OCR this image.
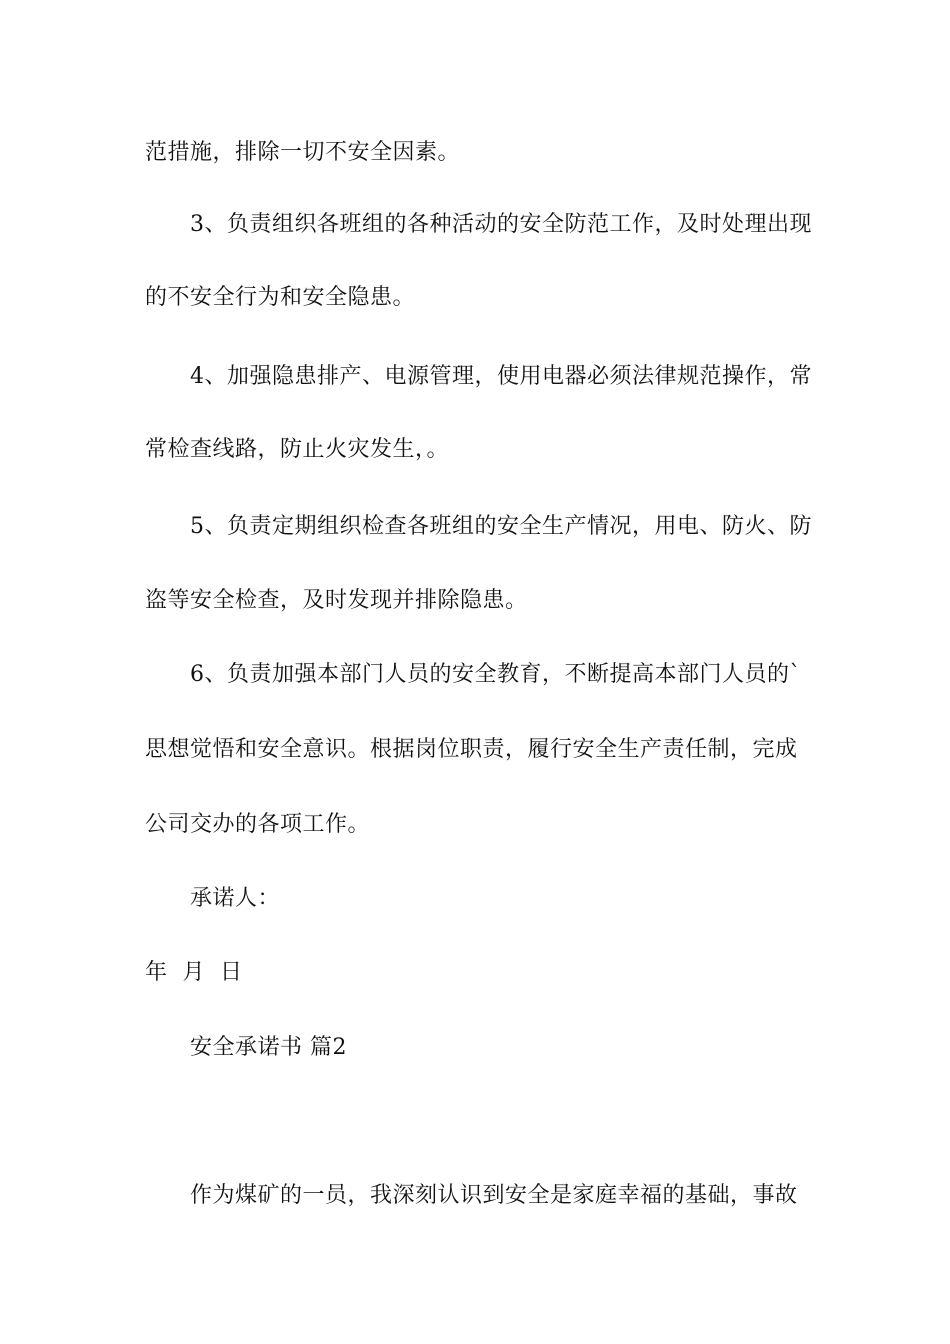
范措施，排除一切不安全因素。
3、负责组织各班组的各种活动的安全防范工作，及时处理出现
的不安全行为和安全隐患。
4、加强隐患排产、电源管理，使用电器必须法律规范操作，常
常检查线路，防止火灾发生，。
5、负责定期组织检查各班组的安全生产情况，用电、防火、防
盗等安全检查，及时发现并排除隐患。
6、负责加强本部门人员的安全教育，不断提高本部门人员的`
思想觉悟和安全意识。根据岗位职责，履行安全生产责任制，完成
公司交办的各项工作。
承诺人：
年  月  日
安全承诺书 篇2
作为煤矿的一员，我深刻认识到安全是家庭幸福的基础，事故
